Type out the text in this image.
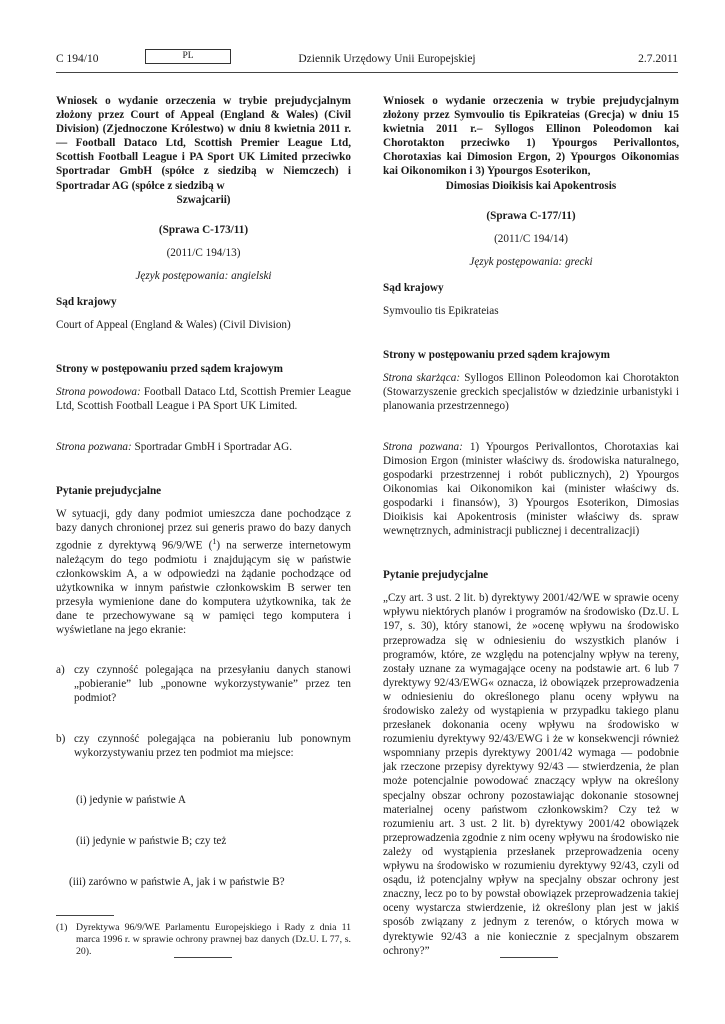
C 194/10	PL	Dziennik Urzędowy Unii Europejskiej	2.7.2011

Wniosek o wydanie orzeczenia w trybie prejudycjalnym złożony przez Court of Appeal (England & Wales) (Civil Division) (Zjednoczone Królestwo) w dniu 8 kwietnia 2011 r. — Football Dataco Ltd, Scottish Premier League Ltd, Scottish Football League i PA Sport UK Limited przeciwko Sportradar GmbH (spółce z siedzibą w Niemczech) i Sportradar AG (spółce z siedzibą w

Szwajcarii)

(Sprawa C-173/11)

(2011/C 194/13)

Język postępowania: angielski

Sąd krajowy

Court of Appeal (England & Wales) (Civil Division)

Strony w postępowaniu przed sądem krajowym

Strona powodowa: Football Dataco Ltd, Scottish Premier League Ltd, Scottish Football League i PA Sport UK Limited.

Strona pozwana: Sportradar GmbH i Sportradar AG.

Pytanie prejudycjalne

W sytuacji, gdy dany podmiot umieszcza dane pochodzące z bazy danych chronionej przez sui generis prawo do bazy danych zgodnie z dyrektywą 96/9/WE ($^1$) na serwerze internetowym należącym do tego podmiotu i znajdującym się w państwie członkowskim A, a w odpowiedzi na żądanie pochodzące od użytkownika w innym państwie członkowskim B serwer ten przesyła wymienione dane do komputera użytkownika, tak że dane te przechowywane są w pamięci tego komputera i wyświetlane na jego ekranie:

a) czy czynność polegająca na przesyłaniu danych stanowi „pobieranie” lub „ponowne wykorzystywanie” przez ten podmiot?
b) czy czynność polegająca na pobieraniu lub ponownym wykorzystywaniu przez ten podmiot ma miejsce:

(i) jedynie w państwie A

(ii) jedynie w państwie B; czy też

(iii) zarówno w państwie A, jak i w państwie B?

(1) Dyrektywa 96/9/WE Parlamentu Europejskiego i Rady z dnia 11 marca 1996 r. w sprawie ochrony prawnej baz danych (Dz.U. L 77, s. 20).

Wniosek o wydanie orzeczenia w trybie prejudycjalnym złożony przez Symvoulio tis Epikrateias (Grecja) w dniu 15 kwietnia 2011 r.– Syllogos Ellinon Poleodomon kai Chorotakton przeciwko 1) Ypourgos Perivallontos, Chorotaxias kai Dimosion Ergon, 2) Ypourgos Oikonomias kai Oikonomikon i 3) Ypourgos Esoterikon,

Dimosias Dioikisis kai Apokentrosis

(Sprawa C-177/11)

(2011/C 194/14)

Język postępowania: grecki

Sąd krajowy

Symvoulio tis Epikrateias

Strony w postępowaniu przed sądem krajowym

Strona skarżąca: Syllogos Ellinon Poleodomon kai Chorotakton (Stowarzyszenie greckich specjalistów w dziedzinie urbanistyki i planowania przestrzennego)

Strona pozwana: 1) Ypourgos Perivallontos, Chorotaxias kai Dimosion Ergon (minister właściwy ds. środowiska naturalnego, gospodarki przestrzennej i robót publicznych), 2) Ypourgos Oikonomias kai Oikonomikon kai (minister właściwy ds. gospodarki i finansów), 3) Ypourgos Esoterikon, Dimosias Dioikisis kai Apokentrosis (minister właściwy ds. spraw wewnętrznych, administracji publicznej i decentralizacji)

Pytanie prejudycjalne

„Czy art. 3 ust. 2 lit. b) dyrektywy 2001/42/WE w sprawie oceny wpływu niektórych planów i programów na środowisko (Dz.U. L 197, s. 30), który stanowi, że »ocenę wpływu na środowisko przeprowadza się w odniesieniu do wszystkich planów i programów, które, ze względu na potencjalny wpływ na tereny, zostały uznane za wymagające oceny na podstawie art. 6 lub 7 dyrektywy 92/43/EWG« oznacza, iż obowiązek przeprowadzenia w odniesieniu do określonego planu oceny wpływu na środowisko zależy od wystąpienia w przypadku takiego planu przesłanek dokonania oceny wpływu na środowisko w rozumieniu dyrektywy 92/43/EWG i że w konsekwencji również wspomniany przepis dyrektywy 2001/42 wymaga — podobnie jak rzeczone przepisy dyrektywy 92/43 — stwierdzenia, że plan może potencjalnie powodować znaczący wpływ na określony specjalny obszar ochrony pozostawiając dokonanie stosownej materialnej oceny państwom członkowskim? Czy też w rozumieniu art. 3 ust. 2 lit. b) dyrektywy 2001/42 obowiązek przeprowadzenia zgodnie z nim oceny wpływu na środowisko nie zależy od wystąpienia przesłanek przeprowadzenia oceny wpływu na środowisko w rozumieniu dyrektywy 92/43, czyli od osądu, iż potencjalny wpływ na specjalny obszar ochrony jest znaczny, lecz po to by powstał obowiązek przeprowadzenia takiej oceny wystarcza stwierdzenie, iż określony plan jest w jakiś sposób związany z jednym z terenów, o których mowa w dyrektywie 92/43 a nie koniecznie z specjalnym obszarem ochrony?”
